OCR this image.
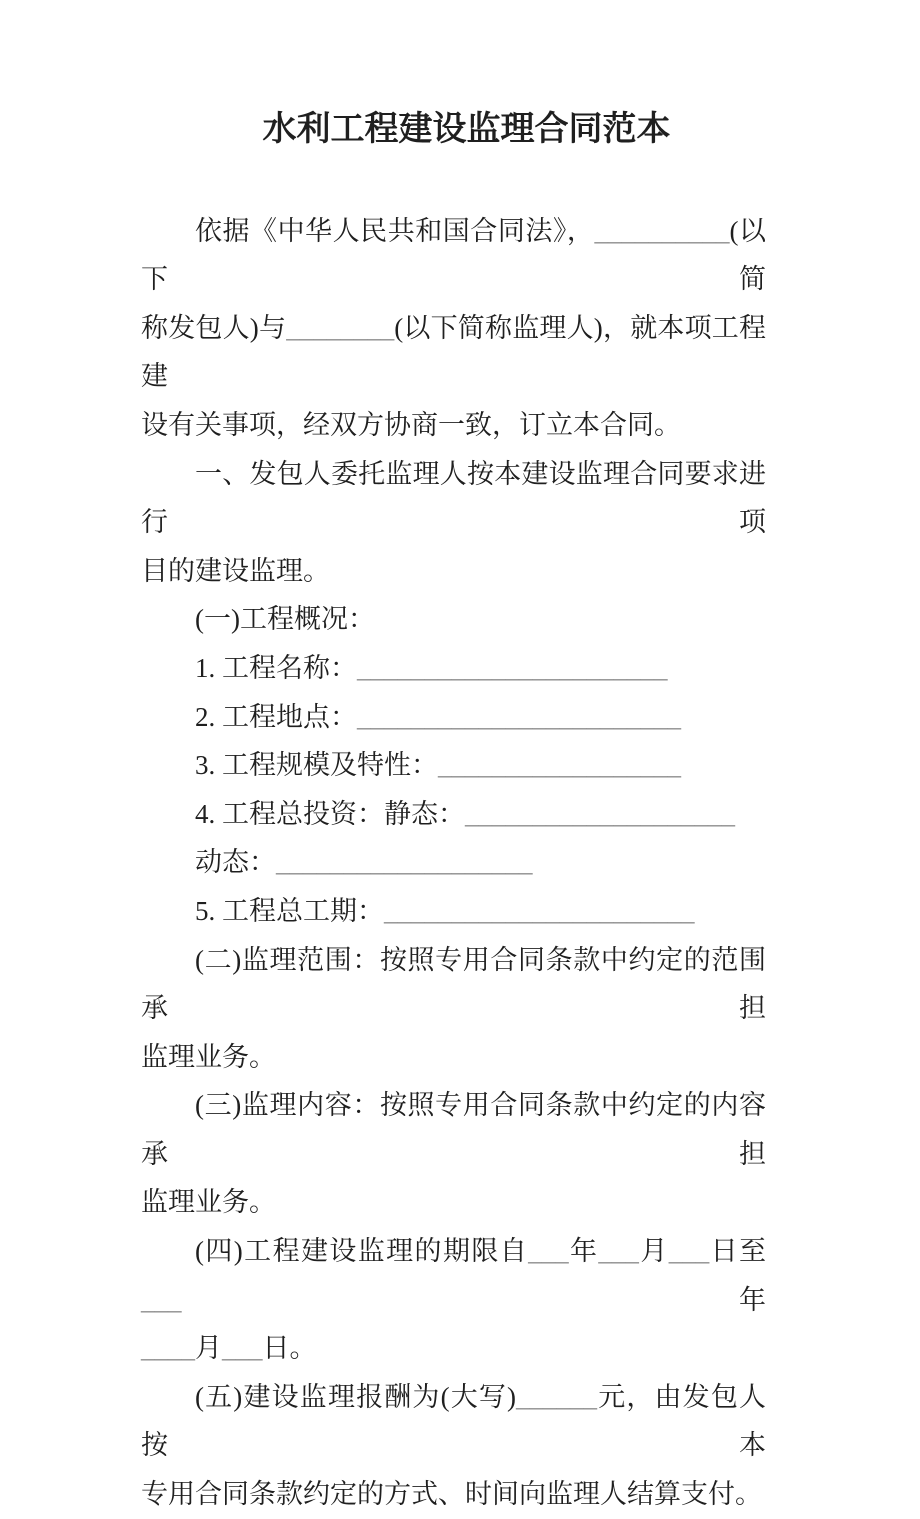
水利工程建设监理合同范本
依据《中华人民共和国合同法》，__________(以下简
称发包人)与________(以下简称监理人)，就本项工程建
设有关事项，经双方协商一致，订立本合同。
一、发包人委托监理人按本建设监理合同要求进行项
目的建设监理。
(一)工程概况：
1. 工程名称：_______________________
2. 工程地点：________________________
3. 工程规模及特性：__________________
4. 工程总投资：静态：____________________
动态：___________________
5. 工程总工期：_______________________
(二)监理范围：按照专用合同条款中约定的范围承担
监理业务。
(三)监理内容：按照专用合同条款中约定的内容承担
监理业务。
(四)工程建设监理的期限自___年___月___日至___年
____月___日。
(五)建设监理报酬为(大写)______元，由发包人按本
专用合同条款约定的方式、时间向监理人结算支付。
